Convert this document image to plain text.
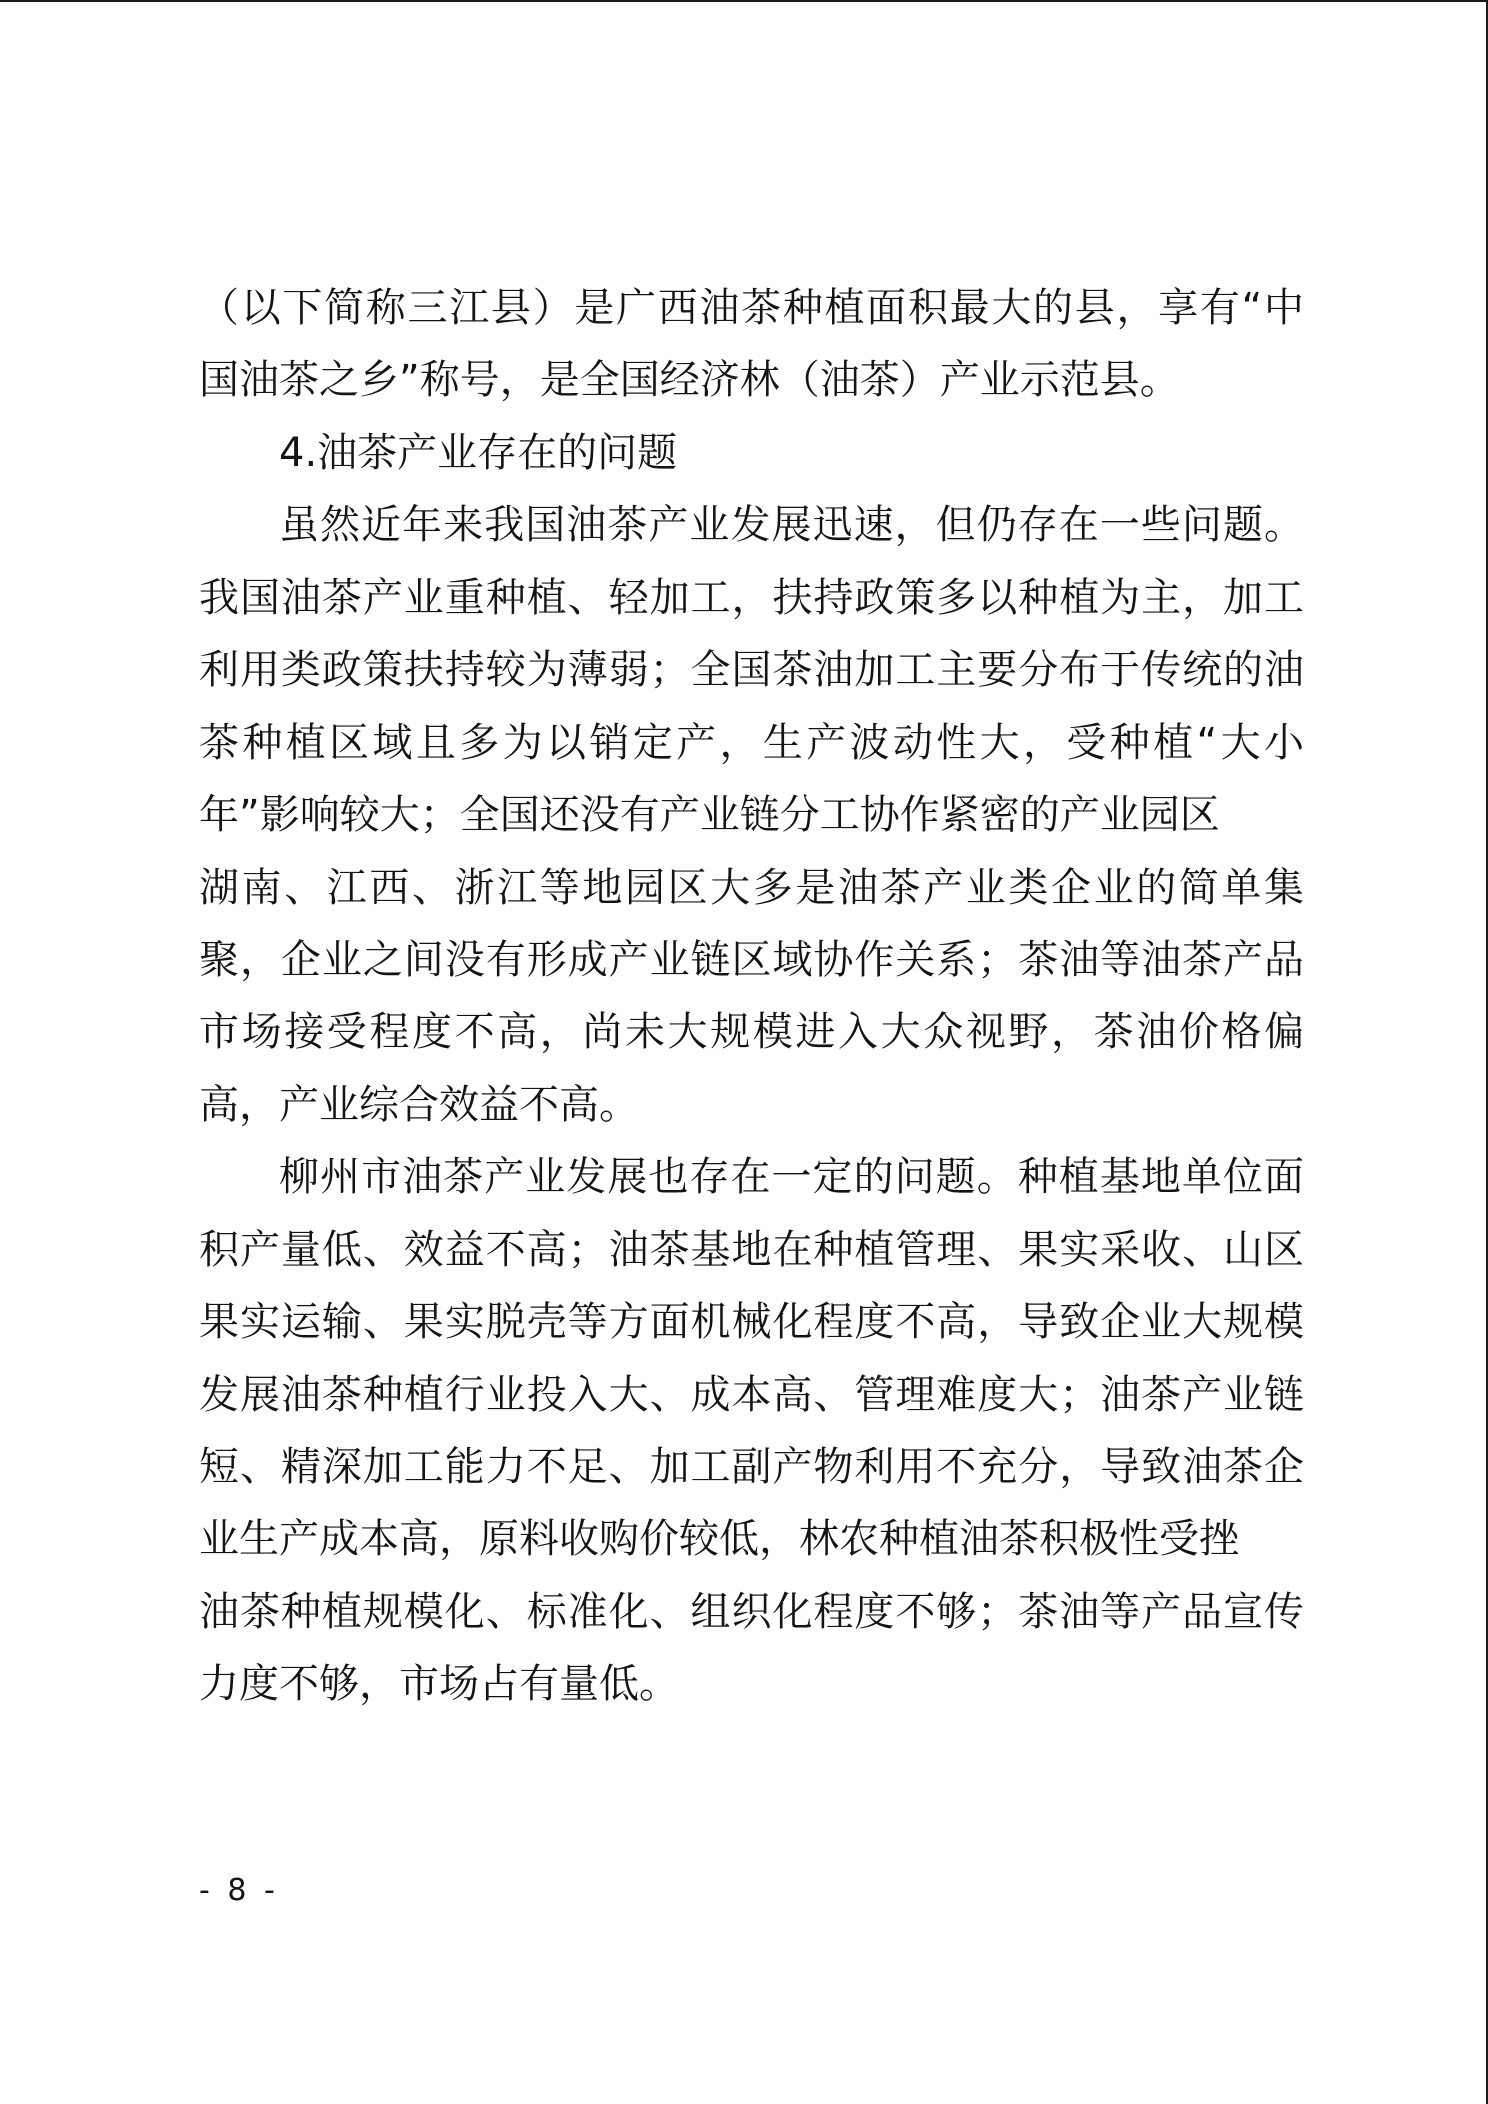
（以下简称三江县）是广西油茶种植面积最大的县，享有“中
国油茶之乡”称号，是全国经济林（油茶）产业示范县。
4.油茶产业存在的问题
虽然近年来我国油茶产业发展迅速，但仍存在一些问题。
我国油茶产业重种植、轻加工，扶持政策多以种植为主，加工
利用类政策扶持较为薄弱；全国茶油加工主要分布于传统的油
茶种植区域且多为以销定产，生产波动性大，受种植“大小
年”影响较大；全国还没有产业链分工协作紧密的产业园区
湖南、江西、浙江等地园区大多是油茶产业类企业的简单集
聚，企业之间没有形成产业链区域协作关系；茶油等油茶产品
市场接受程度不高，尚未大规模进入大众视野，茶油价格偏
高，产业综合效益不高。
柳州市油茶产业发展也存在一定的问题。种植基地单位面
积产量低、效益不高；油茶基地在种植管理、果实采收、山区
果实运输、果实脱壳等方面机械化程度不高，导致企业大规模
发展油茶种植行业投入大、成本高、管理难度大；油茶产业链
短、精深加工能力不足、加工副产物利用不充分，导致油茶企
业生产成本高，原料收购价较低，林农种植油茶积极性受挫
油茶种植规模化、标准化、组织化程度不够；茶油等产品宣传
力度不够，市场占有量低。
- 8 -
